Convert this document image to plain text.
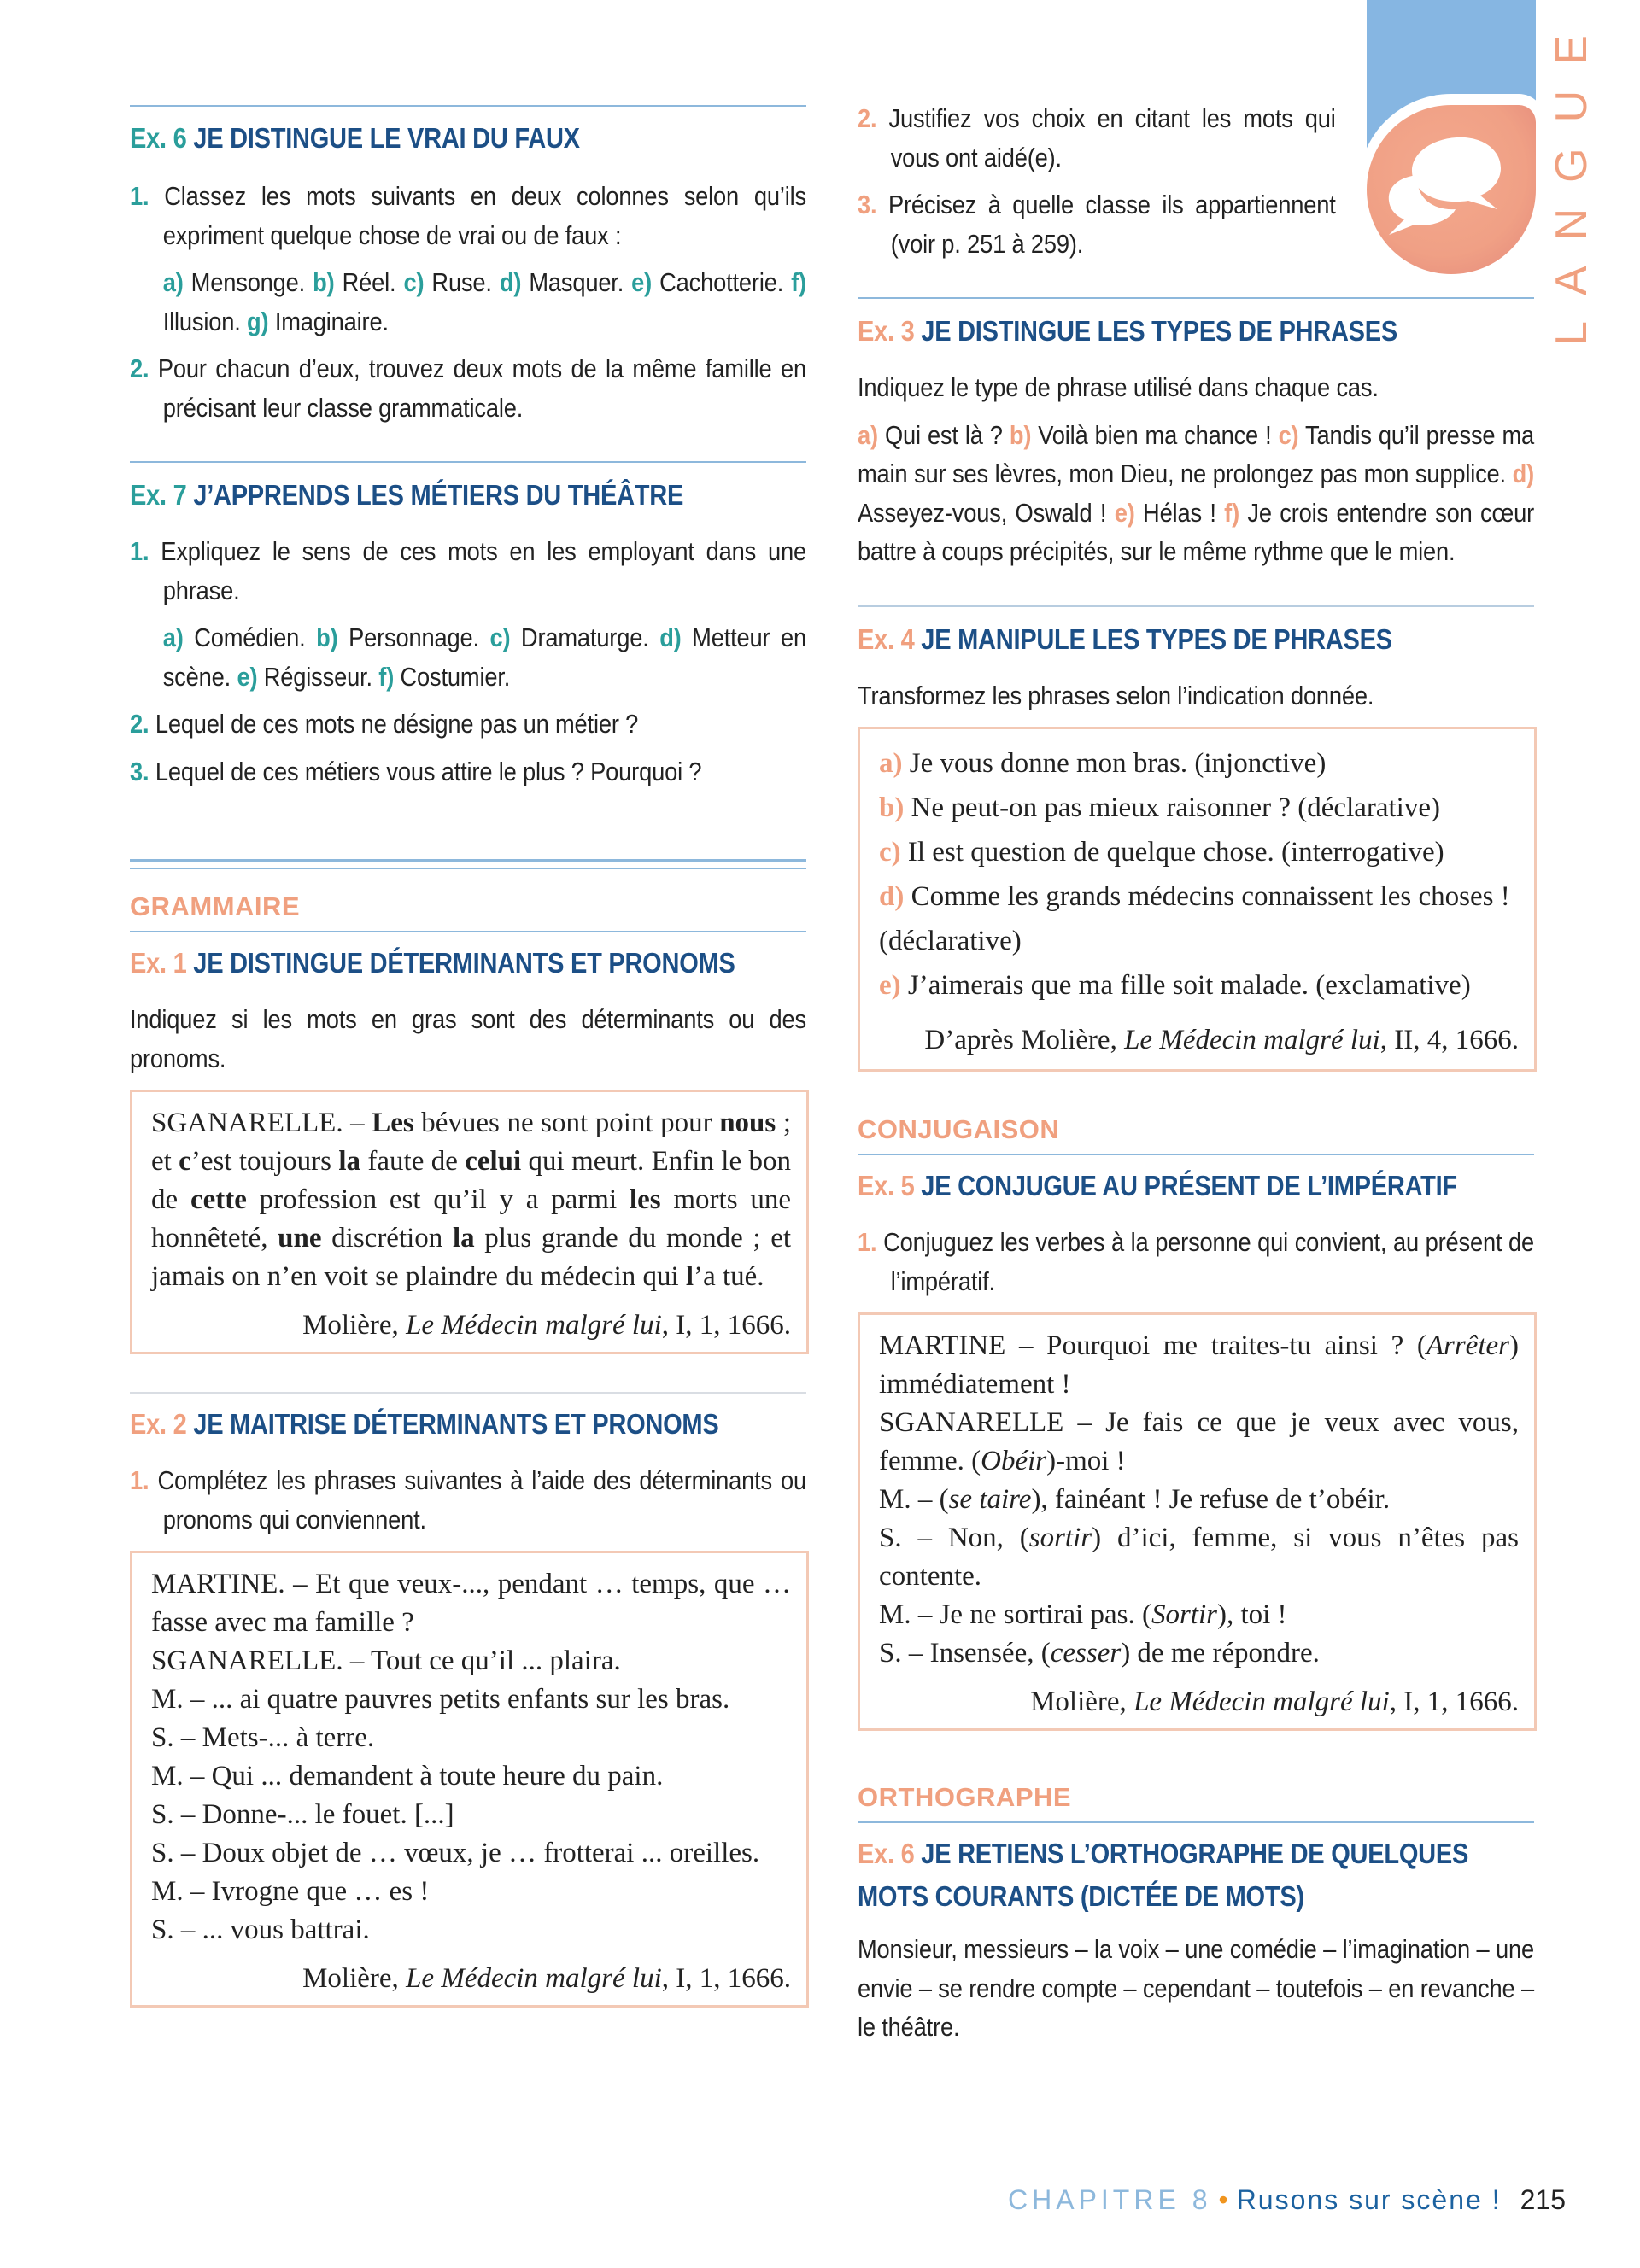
LANGUE
Ex. 6 JE DISTINGUE LE VRAI DU FAUX
1. Classez les mots suivants en deux colonnes selon qu’ils expriment quelque chose de vrai ou de faux :
a) Mensonge. b) Réel. c) Ruse. d) Masquer. e) Cachotterie. f) Illusion. g) Imaginaire.
2. Pour chacun d’eux, trouvez deux mots de la même famille en précisant leur classe grammaticale.
Ex. 7 J’APPRENDS LES MÉTIERS DU THÉÂTRE
1. Expliquez le sens de ces mots en les employant dans une phrase.
a) Comédien. b) Personnage. c) Dramaturge. d) Metteur en scène. e) Régisseur. f) Costumier.
2. Lequel de ces mots ne désigne pas un métier ?
3. Lequel de ces métiers vous attire le plus ? Pourquoi ?
GRAMMAIRE
Ex. 1 JE DISTINGUE DÉTERMINANTS ET PRONOMS
Indiquez si les mots en gras sont des déterminants ou des pronoms.
SGANARELLE. – Les bévues ne sont point pour nous ; et c’est toujours la faute de celui qui meurt. Enfin le bon de cette profession est qu’il y a parmi les morts une honnêteté, une discrétion la plus grande du monde ; et jamais on n’en voit se plaindre du médecin qui l’a tué.
Molière, Le Médecin malgré lui, I, 1, 1666.
Ex. 2 JE MAITRISE DÉTERMINANTS ET PRONOMS
1. Complétez les phrases suivantes à l’aide des déterminants ou pronoms qui conviennent.
MARTINE. – Et que veux-..., pendant … temps, que … fasse avec ma famille ?
SGANARELLE. – Tout ce qu’il ... plaira.
M. – ... ai quatre pauvres petits enfants sur les bras.
S. – Mets-... à terre.
M. – Qui ... demandent à toute heure du pain.
S. – Donne-... le fouet. [...]
S. – Doux objet de … vœux, je … frotterai ... oreilles.
M. – Ivrogne que … es !
S. – ... vous battrai.
Molière, Le Médecin malgré lui, I, 1, 1666.
2. Justifiez vos choix en citant les mots qui vous ont aidé(e).
3. Précisez à quelle classe ils appartiennent (voir p. 251 à 259).
Ex. 3 JE DISTINGUE LES TYPES DE PHRASES
Indiquez le type de phrase utilisé dans chaque cas.
a) Qui est là ? b) Voilà bien ma chance ! c) Tandis qu’il presse ma main sur ses lèvres, mon Dieu, ne prolongez pas mon supplice. d) Asseyez-vous, Oswald ! e) Hélas ! f) Je crois entendre son cœur battre à coups précipités, sur le même rythme que le mien.
Ex. 4 JE MANIPULE LES TYPES DE PHRASES
Transformez les phrases selon l’indication donnée.
a) Je vous donne mon bras. (injonctive)
b) Ne peut-on pas mieux raisonner ? (déclarative)
c) Il est question de quelque chose. (interrogative)
d) Comme les grands médecins connaissent les choses ! (déclarative)
e) J’aimerais que ma fille soit malade. (exclamative)
D’après Molière, Le Médecin malgré lui, II, 4, 1666.
CONJUGAISON
Ex. 5 JE CONJUGUE AU PRÉSENT DE L’IMPÉRATIF
1. Conjuguez les verbes à la personne qui convient, au présent de l’impératif.
MARTINE – Pourquoi me traites-tu ainsi ? (Arrêter) immédiatement !
SGANARELLE – Je fais ce que je veux avec vous, femme. (Obéir)-moi !
M. – (se taire), fainéant ! Je refuse de t’obéir.
S. – Non, (sortir) d’ici, femme, si vous n’êtes pas contente.
M. – Je ne sortirai pas. (Sortir), toi !
S. – Insensée, (cesser) de me répondre.
Molière, Le Médecin malgré lui, I, 1, 1666.
ORTHOGRAPHE
Ex. 6 JE RETIENS L’ORTHOGRAPHE DE QUELQUES MOTS COURANTS (DICTÉE DE MOTS)
Monsieur, messieurs – la voix – une comédie – l’imagination – une envie – se rendre compte – cependant – toutefois – en revanche – le théâtre.
CHAPITRE 8 • Rusons sur scène ! 215
